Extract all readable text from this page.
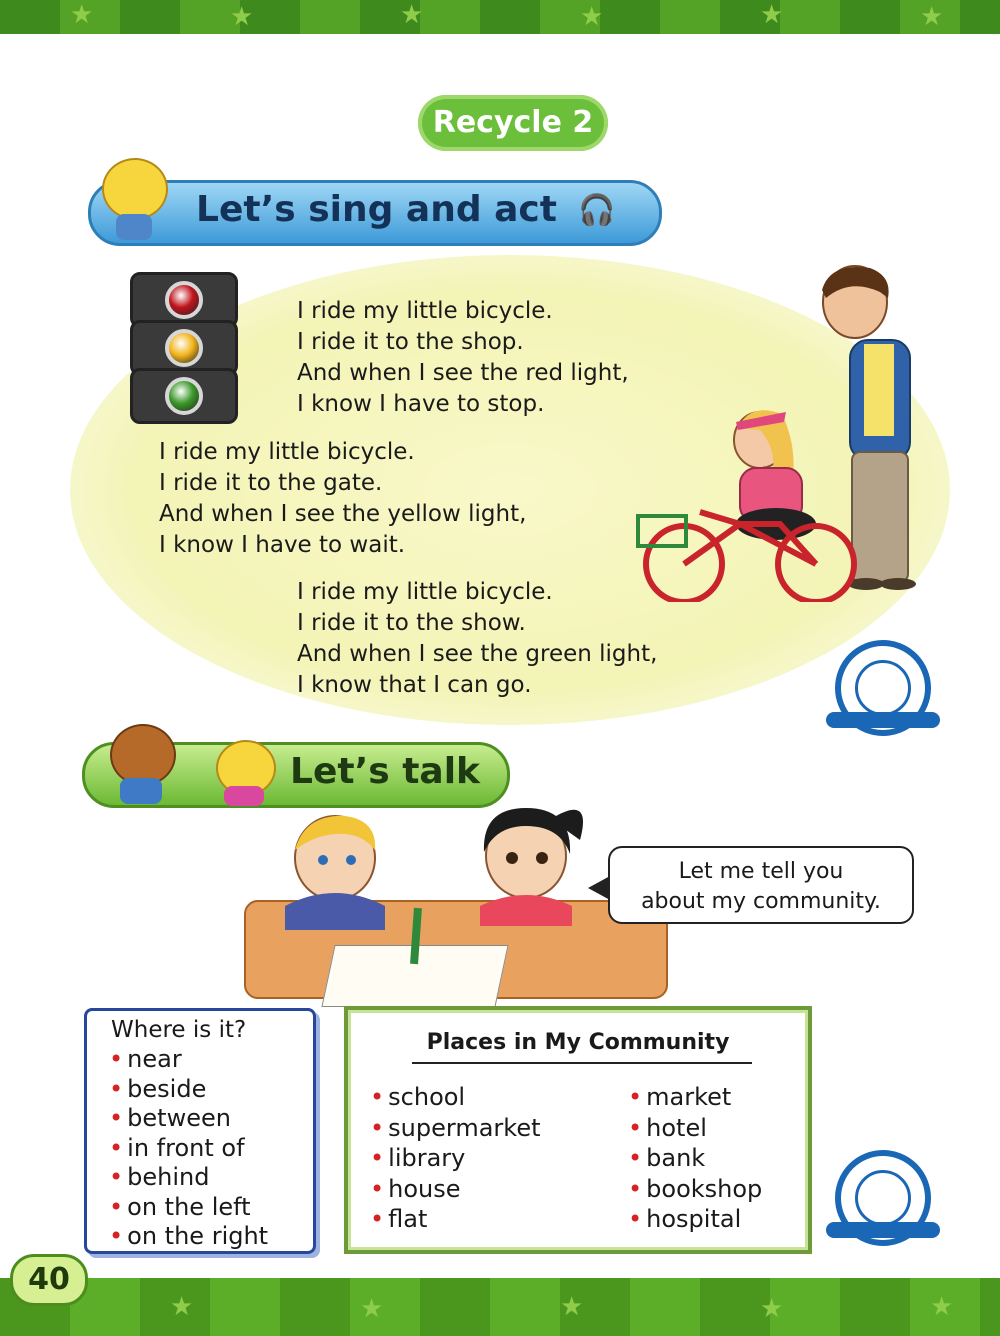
★	★	★	★	★	★
Recycle 2
Let’s sing and act 🎧
I ride my little bicycle.
I ride it to the shop.
And when I see the red light,
I know I have to stop.
I ride my little bicycle.
I ride it to the gate.
And when I see the yellow light,
I know I have to wait.
I ride my little bicycle.
I ride it to the show.
And when I see the green light,
I know that I can go.
Let’s talk
Let me tell you
about my community.
Where is it?
• near
• beside
• between
• in front of
• behind
• on the left
• on the right
Places in My Community
• school
• supermarket
• library
• house
• flat
• market
• hotel
• bank
• bookshop
• hospital
★	★	★	★	★
40
